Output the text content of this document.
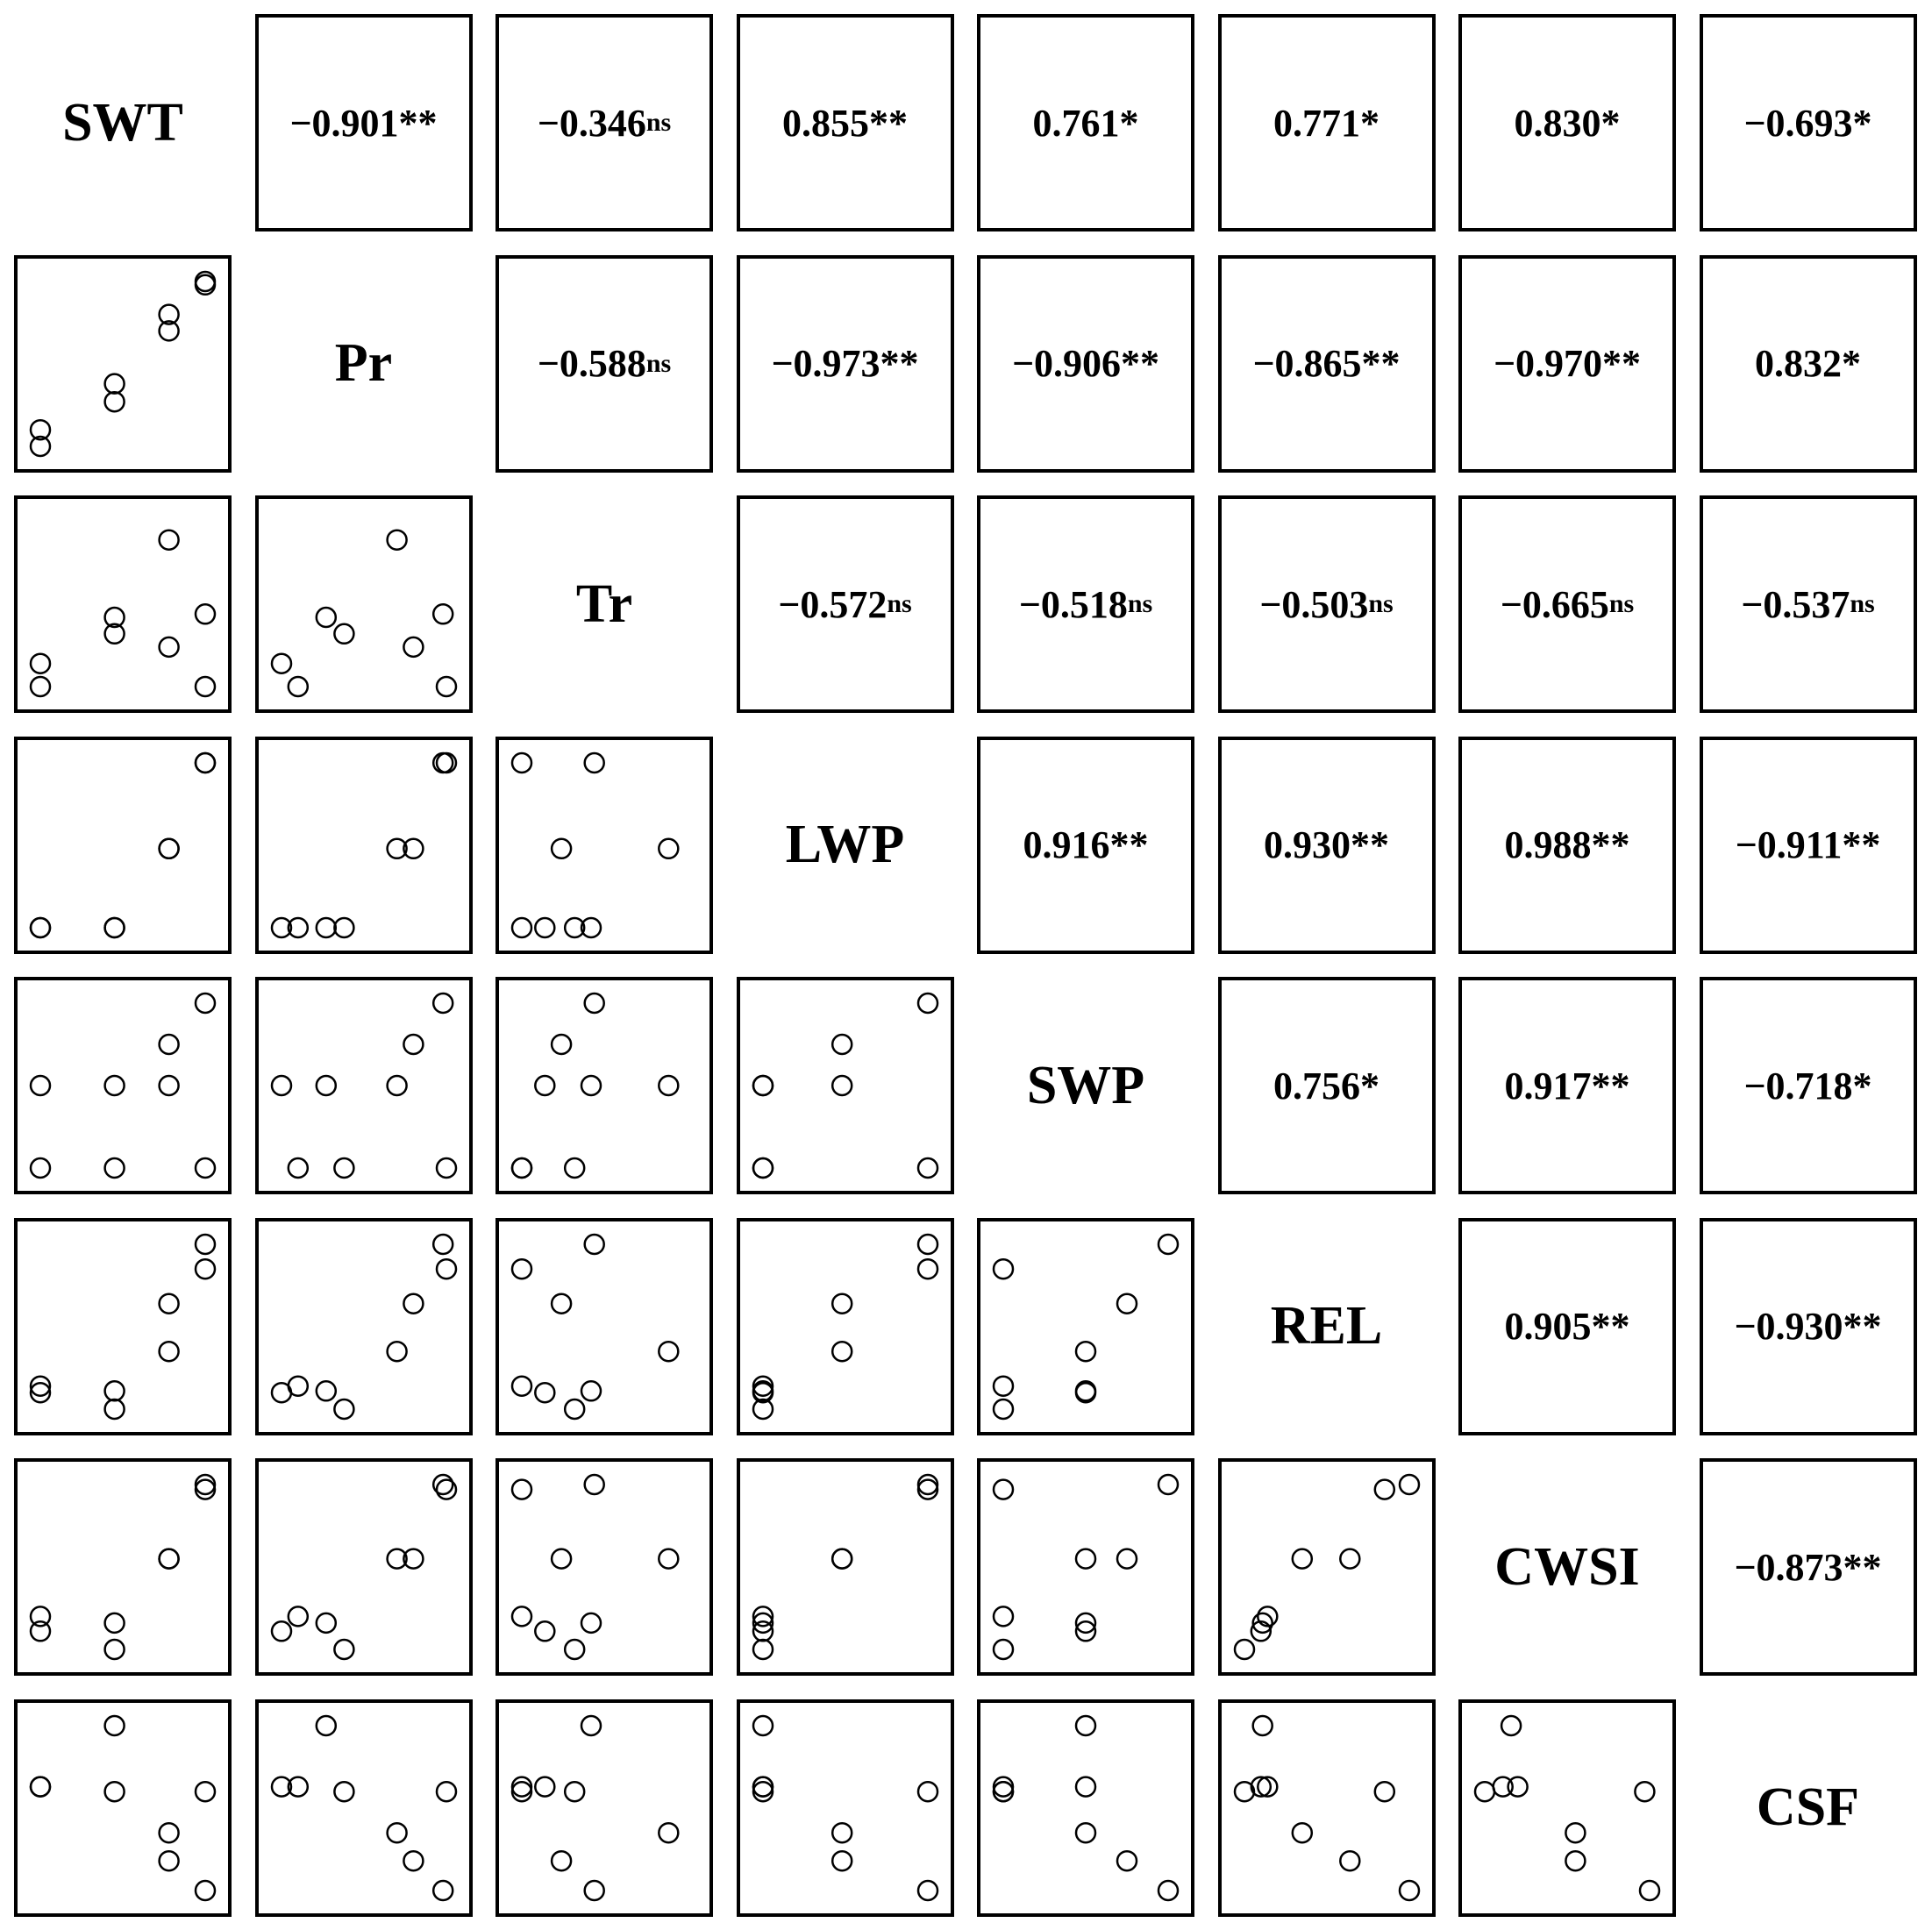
SWT	−0.901 **	−0.346 ns	0.855 **	0.761 *	0.771 *	0.830 *	−0.693 *
Pr	−0.588 ns	−0.973 ** −0.906 ** −0.865 ** −0.970 **	0.832 *
Tr	−0.572 ns	−0.518 ns	−0.503 ns	−0.665 ns	−0.537 ns
LWP	0.916 **	0.930 **	0.988 **	−0.911 **
SWP	0.756 *	0.917 **	−0.718 *
REL	0.905 **	−0.930 **
CWSI	−0.873 **
CSF
